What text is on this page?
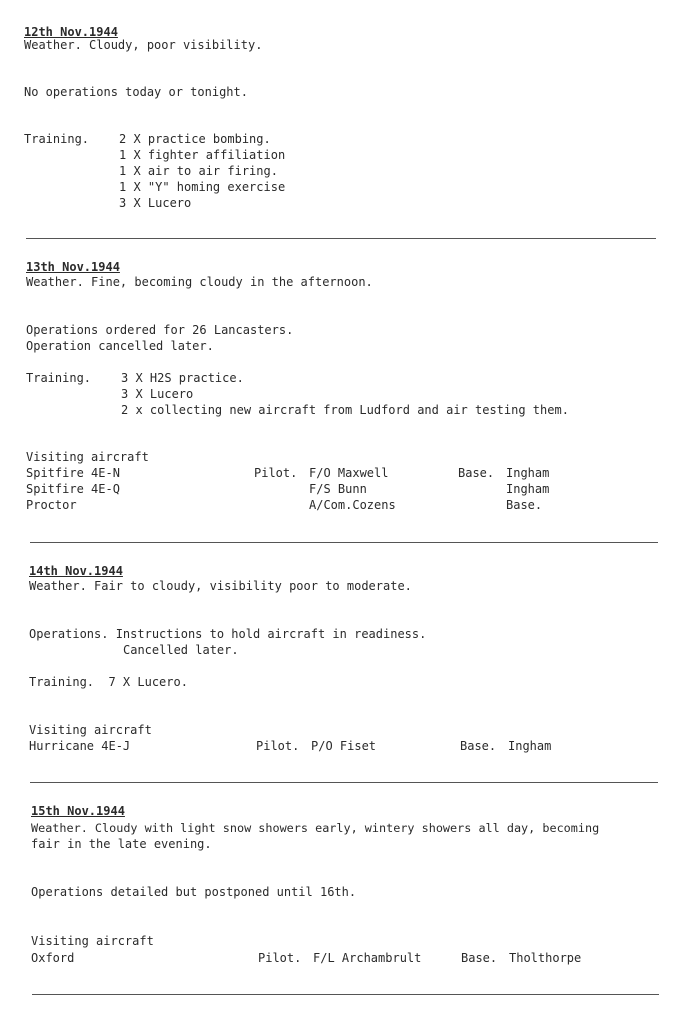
12th Nov.1944
Weather. Cloudy, poor visibility.
No operations today or tonight.
Training. 2 X practice bombing.
1 X fighter affiliation
1 X air to air firing.
1 X "Y" homing exercise
3 X Lucero
13th Nov.1944
Weather. Fine, becoming cloudy in the afternoon.
Operations ordered for 26 Lancasters.
Operation cancelled later.
Training. 3 X H2S practice.
3 X Lucero
2 x collecting new aircraft from Ludford and air testing them.
Visiting aircraft
Spitfire 4E-N	Pilot. F/O Maxwell	Base. Ingham
Spitfire 4E-Q	F/S Bunn	Ingham
Proctor	A/Com.Cozens	Base.
14th Nov.1944
Weather. Fair to cloudy, visibility poor to moderate.
Operations. Instructions to hold aircraft in readiness.
Cancelled later.
Training.  7 X Lucero.
Visiting aircraft
Hurricane 4E-J	Pilot. P/O Fiset	Base. Ingham
15th Nov.1944
Weather. Cloudy with light snow showers early, wintery showers all day, becoming
fair in the late evening.
Operations detailed but postponed until 16th.
Visiting aircraft
Oxford	Pilot. F/L Archambrult	Base. Tholthorpe
